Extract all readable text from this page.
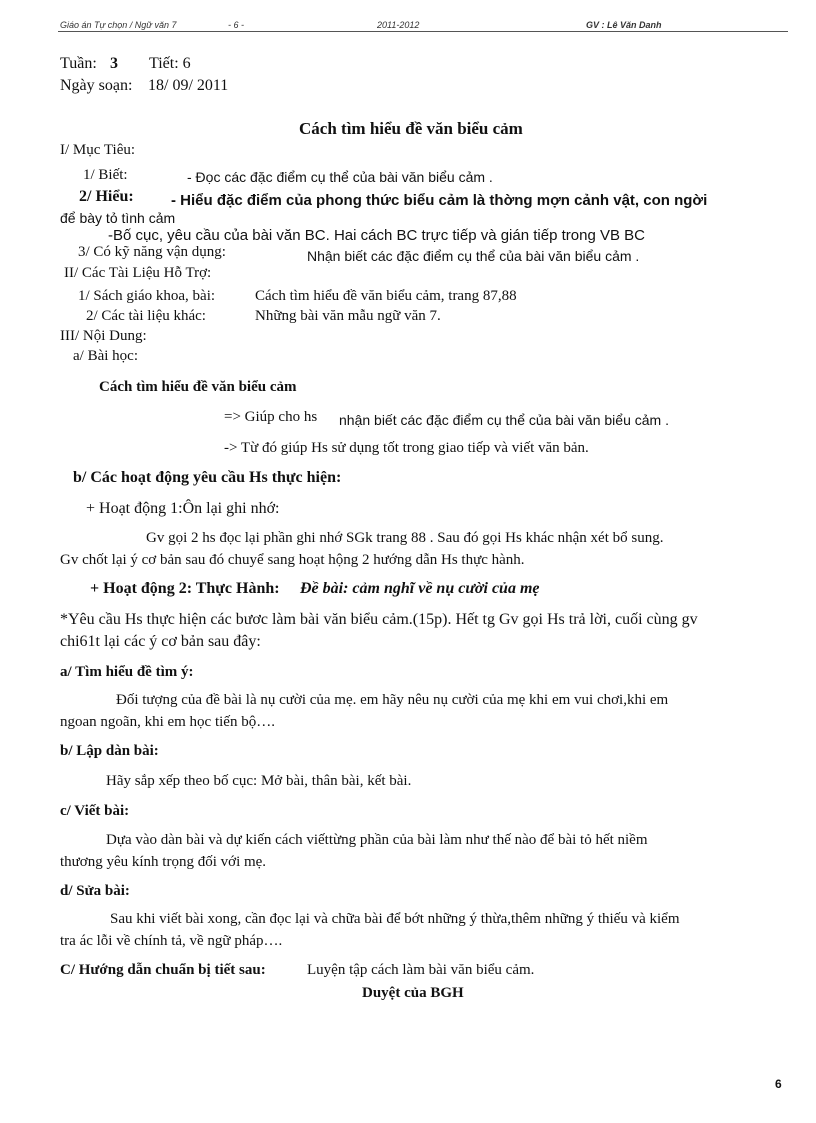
Giáo án Tự chọn / Ngữ văn 7	- 6 -	2011-2012	GV : Lê Văn Danh
Tuần: 3 Tiết: 6
Ngày soạn: 18/ 09/ 2011
Cách tìm hiểu đề văn biểu cảm
I/ Mục Tiêu:
1/ Biết:	- Đọc các đặc điểm cụ thể của bài văn biểu cảm .
2/ Hiểu: - Hiểu đặc điểm của phong thức biểu cảm là thờng mợn cảnh vật, con ngời
để bày tỏ tình cảm
-Bố cục, yêu cầu của bài văn BC. Hai cách BC trực tiếp và gián tiếp trong VB BC
3/ Có kỹ năng vận dụng:	Nhận biết các đặc điểm cụ thể của bài văn biểu cảm .
II/ Các Tài Liệu Hỗ Trợ:
1/ Sách giáo khoa, bài:	Cách tìm hiểu đề văn biểu cảm, trang 87,88
2/ Các tài liệu khác:	Những bài văn mẫu ngữ văn 7.
III/ Nội Dung:
a/ Bài học:
Cách tìm hiểu đề văn biểu cảm
=> Giúp cho hs nhận biết các đặc điểm cụ thể của bài văn biểu cảm .
-> Từ đó giúp Hs sử dụng tốt trong giao tiếp và viết văn bản.
b/ Các hoạt động yêu cầu Hs thực hiện:
+ Hoạt động 1:Ôn lại ghi nhớ:
Gv gọi 2 hs đọc lại phần ghi nhớ SGk trang 88 . Sau đó gọi Hs khác nhận xét bổ sung.
Gv chốt lại ý cơ bản sau đó chuyể sang hoạt hộng 2 hướng dẫn Hs thực hành.
+ Hoạt động 2: Thực Hành: Đề bài: cảm nghĩ về nụ cười của mẹ
*Yêu cầu Hs thực hiện các bươc làm bài văn biểu cảm.(15p). Hết tg Gv gọi Hs trả lời, cuối cùng gv
chi61t lại các ý cơ bản sau đây:
a/ Tìm hiểu đề tìm ý:
Đối tượng của đề bài là nụ cười của mẹ. em hãy nêu nụ cười của mẹ khi em vui chơi,khi em
ngoan ngoãn, khi em học tiến bộ….
b/ Lập dàn bài:
Hãy sắp xếp theo bố cục: Mở bài, thân bài, kết bài.
c/ Viết bài:
Dựa vào dàn bài và dự kiến cách viếttừng phần của bài làm như thế nào để bài tỏ hết niềm
thương yêu kính trọng đối với mẹ.
d/ Sửa bài:
Sau khi viết bài xong, cần đọc lại và chữa bài để bớt những ý thừa,thêm những ý thiếu và kiểm
tra ác lỗi về chính tả, về ngữ pháp….
C/ Hướng dẫn chuẩn bị tiết sau:	Luyện tập cách làm bài văn biểu cảm.
Duyệt của BGH
6
